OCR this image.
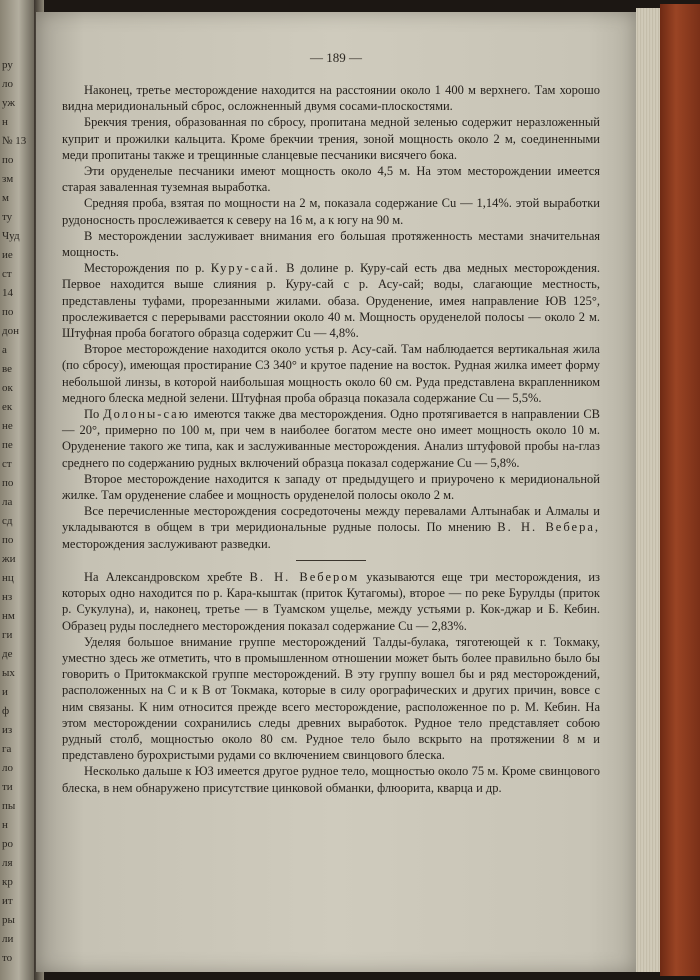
ру
ло
уж
н
№ 13
по
зм
м
ту
Чуд
ие
ст
14
по
дон
а
ве
ок
ек
не
пе
ст
по
ла
сд
по
жи
нц
нз
нм
ги
де
ых
и
ф
из
га
ло
ти
пы
н
ро
ля
кр
ит
ры
ли
то
— 189 —

Наконец, третье месторождение находится на расстоянии около 1 400 м верхнего. Там хорошо видна меридиональный сброс, осложненный двумя сосами-плоскостями.

Брекчия трения, образованная по сбросу, пропитана медной зеленью содержит неразложенный куприт и прожилки кальцита. Кроме брекчии трения, зоной мощность около 2 м, соединенными меди пропитаны также и трещинные сланцевые песчаники висячего бока.

Эти оруденелые песчаники имеют мощность около 4,5 м. На этом месторождении имеется старая заваленная туземная выработка.

Средняя проба, взятая по мощности на 2 м, показала содержание Cu — 1,14%. этой выработки рудоносность прослеживается к северу на 16 м, а к югу на 90 м.

В месторождении заслуживает внимания его большая протяженность местами значительная мощность.

Месторождения по р. Куру-сай. В долине р. Куру-сай есть два медных месторождения. Первое находится выше слияния р. Куру-сай с р. Асу-сай; воды, слагающие местность, представлены туфами, прорезанными жилами. обаза. Оруденение, имея направление ЮВ 125°, прослеживается с перерывами расстоянии около 40 м. Мощность оруденелой полосы — около 2 м. Штуфная проба богатого образца содержит Cu — 4,8%.

Второе месторождение находится около устья р. Асу-сай. Там наблюдается вертикальная жила (по сбросу), имеющая простирание СЗ 340° и крутое падение на восток. Рудная жилка имеет форму небольшой линзы, в которой наибольшая мощность около 60 см. Руда представлена вкрапленником медного блеска медной зелени. Штуфная проба образца показала содержание Cu — 5,5%.

По Долоны-саю имеются также два месторождения. Одно протягивается в направлении СВ — 20°, примерно по 100 м, при чем в наиболее богатом месте оно имеет мощность около 10 м. Оруденение такого же типа, как и заслуживанные месторождения. Анализ штуфовой пробы на-глаз среднего по содержанию рудных включений образца показал содержание Cu — 5,8%.

Второе месторождение находится к западу от предыдущего и приурочено к меридиональной жилке. Там оруденение слабее и мощность оруденелой полосы около 2 м.

Все перечисленные месторождения сосредоточены между перевалами Алтынабак и Алмалы и укладываются в общем в три меридиональные рудные полосы. По мнению В. Н. Вебера, месторождения заслуживают разведки.

На Александровском хребте В. Н. Вебером указываются еще три месторождения, из которых одно находится по р. Кара-кыштак (приток Кутагомы), второе — по реке Бурулды (приток р. Сукулуна), и, наконец, третье — в Туамском ущелье, между устьями р. Кок-джар и Б. Кебин. Образец руды последнего месторождения показал содержание Cu — 2,83%.

Уделяя большое внимание группе месторождений Талды-булака, тяготеющей к г. Токмаку, уместно здесь же отметить, что в промышленном отношении может быть более правильно было бы говорить о Притокмакской группе месторождений. В эту группу вошел бы и ряд месторождений, расположенных на С и к В от Токмака, которые в силу орографических и других причин, вовсе с ним связаны. К ним относится прежде всего месторождение, расположенное по р. М. Кебин. На этом месторождении сохранились следы древних выработок. Рудное тело представляет собою рудный столб, мощностью около 80 см. Рудное тело было вскрыто на протяжении 8 м и представлено бурохристыми рудами со включением свинцового блеска.

Несколько дальше к ЮЗ имеется другое рудное тело, мощностью около 75 м. Кроме свинцового блеска, в нем обнаружено присутствие цинковой обманки, флюорита, кварца и др.
